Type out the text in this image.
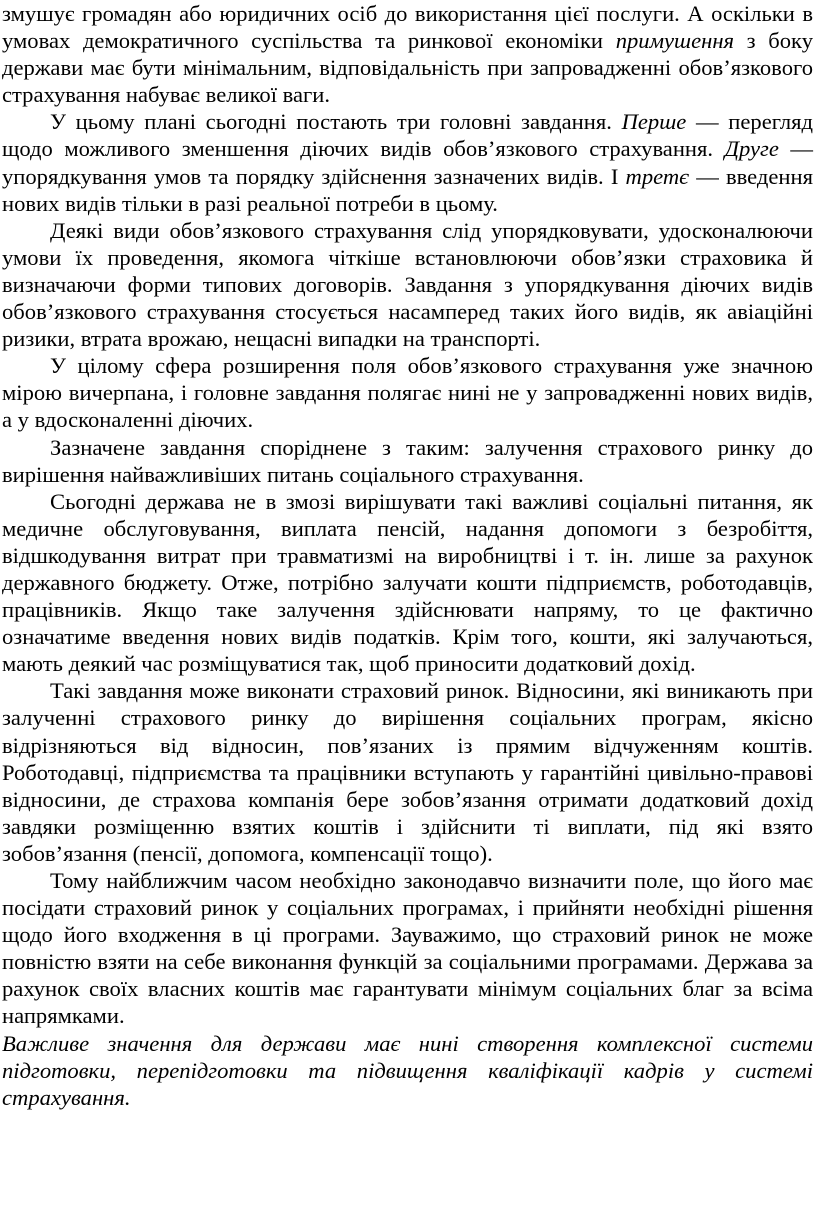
змушує громадян або юридичних осіб до використання цієї послуги. А оскільки в умовах демократичного суспільства та ринкової економіки примушення з боку держави має бути мінімальним, відповідальність при запровадженні обов’язкового страхування набуває великої ваги.

У цьому плані сьогодні постають три головні завдання. Перше — перегляд щодо можливого зменшення діючих видів обов’язкового страхування. Друге — упорядкування умов та порядку здійснення зазначених видів. І третє — введення нових видів тільки в разі реальної потреби в цьому.

Деякі види обов’язкового страхування слід упорядковувати, удосконалюючи умови їх проведення, якомога чіткіше встановлюючи обов’язки страховика й визначаючи форми типових договорів. Завдання з упорядкування діючих видів обов’язкового страхування стосується насамперед таких його видів, як авіаційні ризики, втрата врожаю, нещасні випадки на транспорті.

У цілому сфера розширення поля обов’язкового страхування уже значною мірою вичерпана, і головне завдання полягає нині не у запровадженні нових видів, а у вдосконаленні діючих.

Зазначене завдання споріднене з таким: залучення страхового ринку до вирішення найважливіших питань соціального страхування.

Сьогодні держава не в змозі вирішувати такі важливі соціальні питання, як медичне обслуговування, виплата пенсій, надання допомоги з безробіття, відшкодування витрат при травматизмі на виробництві і т. ін. лише за рахунок державного бюджету. Отже, потрібно залучати кошти підприємств, роботодавців, працівників. Якщо таке залучення здійснювати напряму, то це фактично означатиме введення нових видів податків. Крім того, кошти, які залучаються, мають деякий час розміщуватися так, щоб приносити додатковий дохід.

Такі завдання може виконати страховий ринок. Відносини, які виникають при залученні страхового ринку до вирішення соціальних програм, якісно відрізняються від відносин, пов’язаних із прямим відчуженням коштів. Роботодавці, підприємства та працівники вступають у гарантійні цивільно-правові відносини, де страхова компанія бере зобов’язання отримати додатковий дохід завдяки розміщенню взятих коштів і здійснити ті виплати, під які взято зобов’язання (пенсії, допомога, компенсації тощо).

Тому найближчим часом необхідно законодавчо визначити поле, що його має посідати страховий ринок у соціальних програмах, і прийняти необхідні рішення щодо його входження в ці програми. Зауважимо, що страховий ринок не може повністю взяти на себе виконання функцій за соціальними програмами. Держава за рахунок своїх власних коштів має гарантувати мінімум соціальних благ за всіма напрямками.

Важливе значення для держави має нині створення комплексної системи підготовки, перепідготовки та підвищення кваліфікації кадрів у системі страхування.
